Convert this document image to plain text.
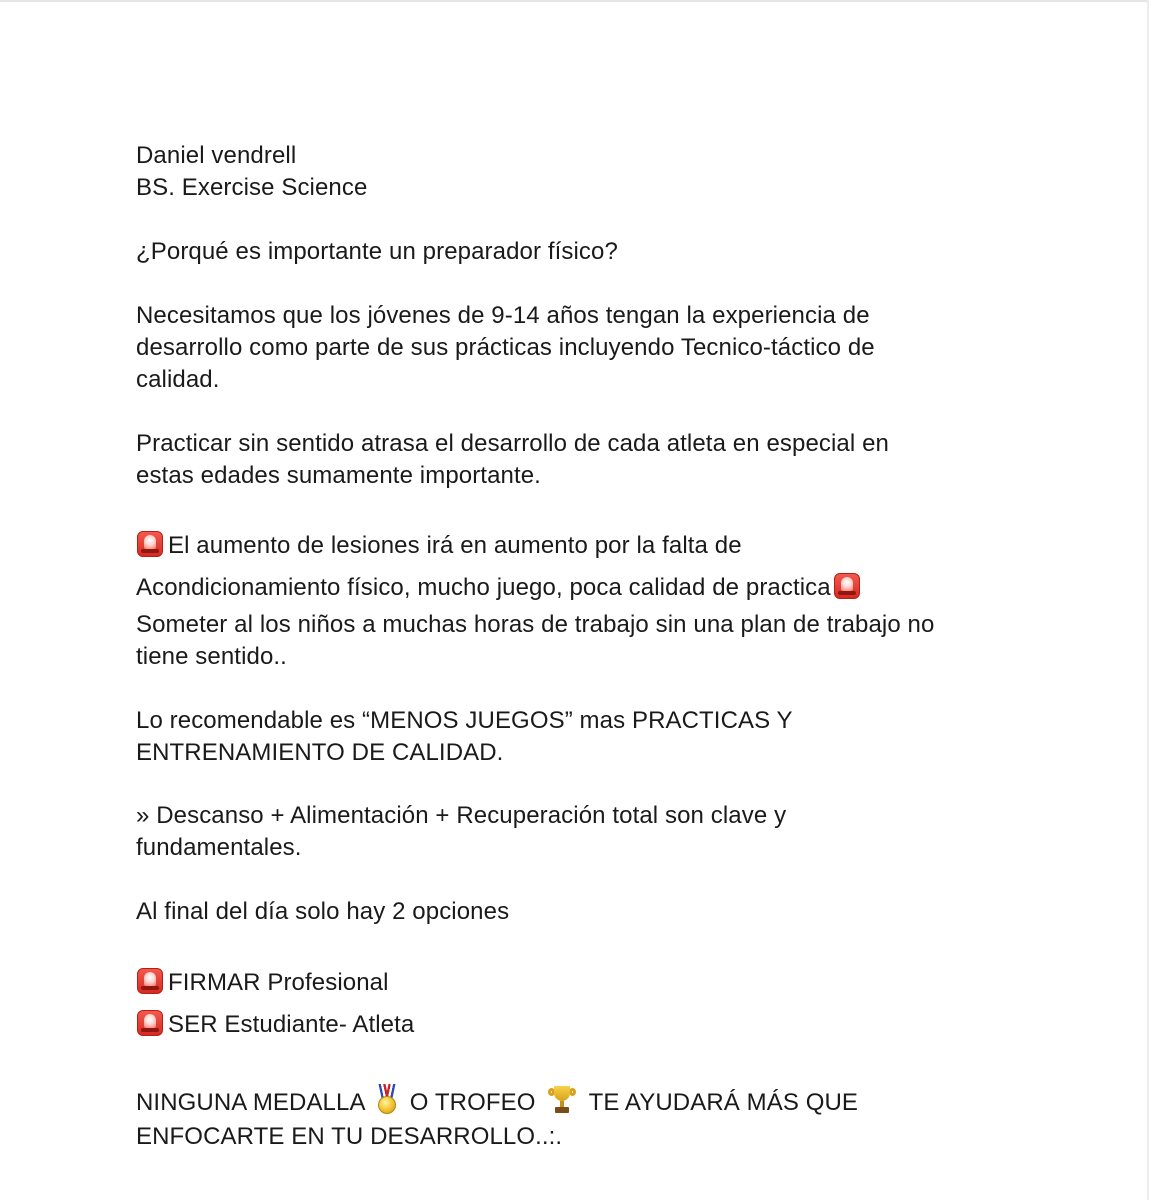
Daniel vendrell
BS. Exercise Science
¿Porqué es importante un preparador físico?
Necesitamos que los jóvenes de 9-14 años tengan la experiencia de
desarrollo como parte de sus prácticas incluyendo Tecnico-táctico de
calidad.
Practicar sin sentido atrasa el desarrollo de cada atleta en especial en
estas edades sumamente importante.
El aumento de lesiones irá en aumento por la falta de
Acondicionamiento físico, mucho juego, poca calidad de practica
Someter al los niños a muchas horas de trabajo sin una plan de trabajo no
tiene sentido..
Lo recomendable es “MENOS JUEGOS” mas PRACTICAS Y
ENTRENAMIENTO DE CALIDAD.
» Descanso + Alimentación + Recuperación total son clave y
fundamentales.
Al final del día solo hay 2 opciones
FIRMAR Profesional
SER Estudiante- Atleta
NINGUNA MEDALLA O TROFEO TE AYUDARÁ MÁS QUE
ENFOCARTE EN TU DESARROLLO..:.
